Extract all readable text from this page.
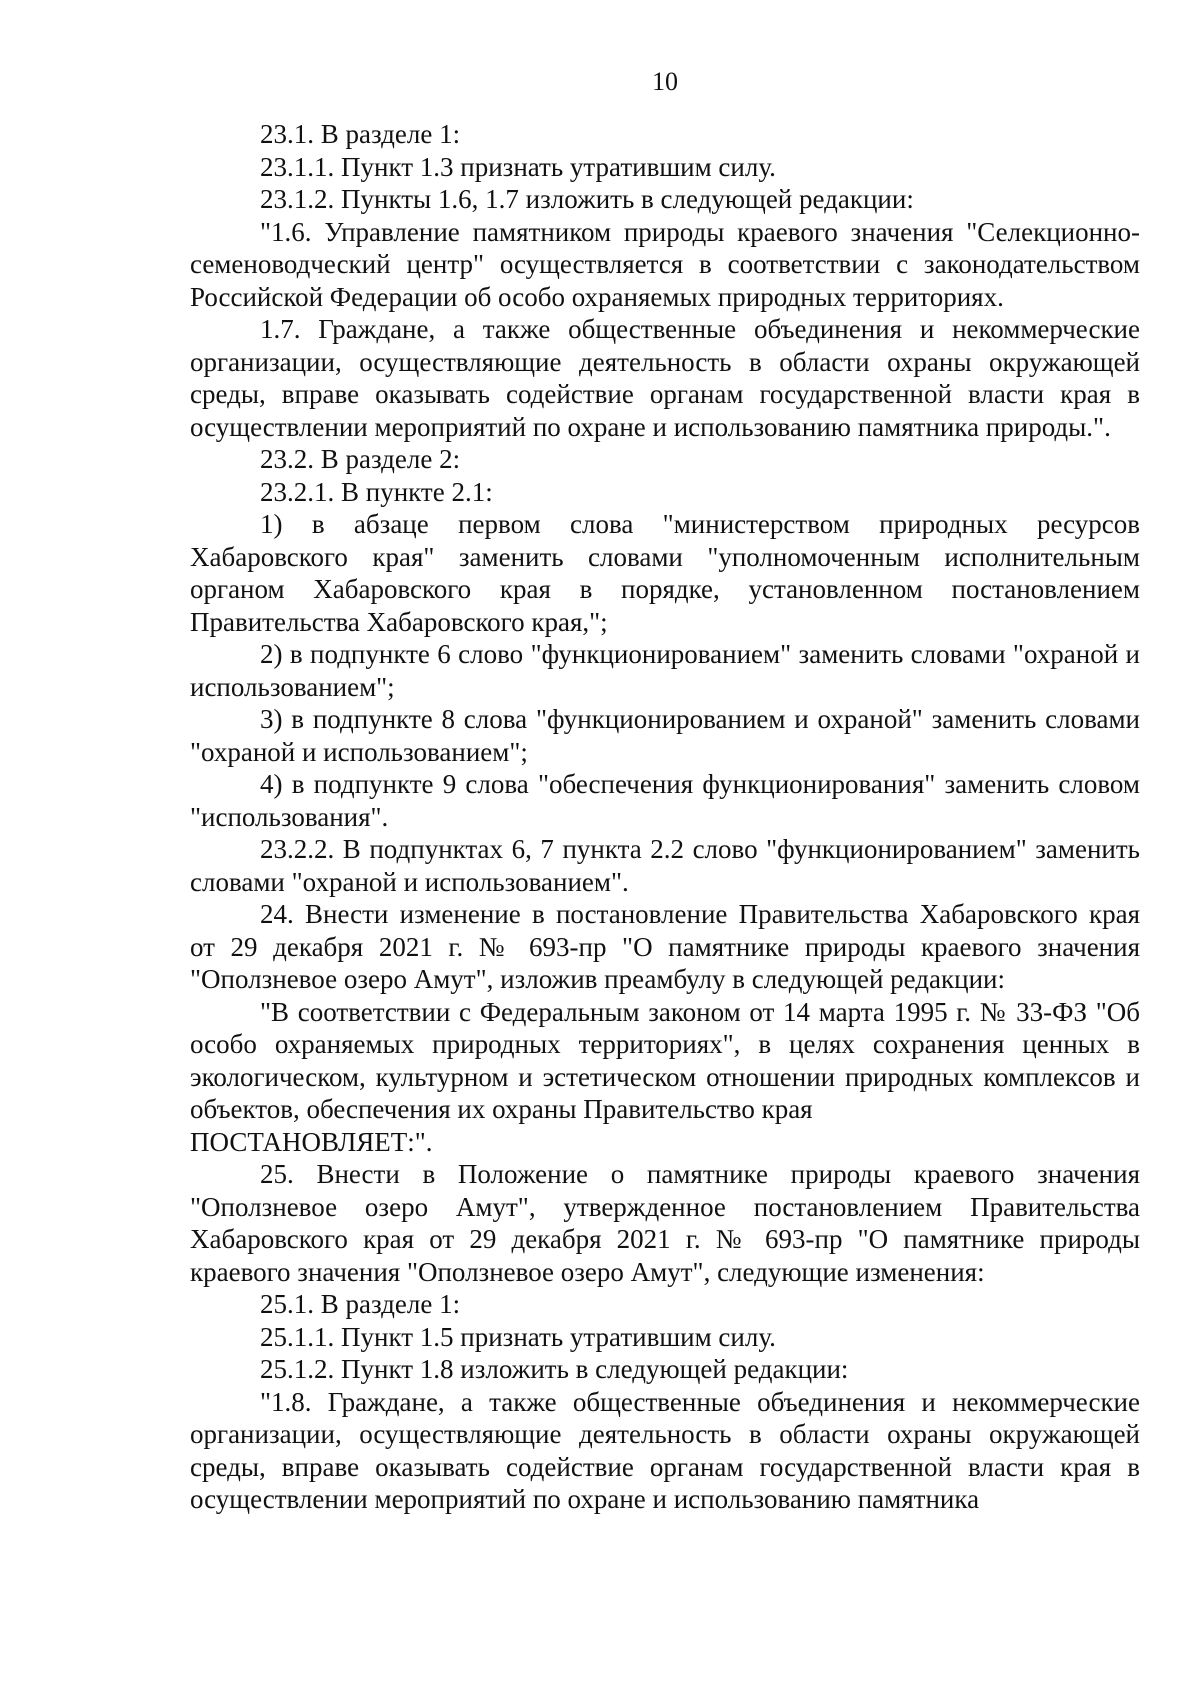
10

23.1. В разделе 1:

23.1.1. Пункт 1.3 признать утратившим силу.

23.1.2. Пункты 1.6, 1.7 изложить в следующей редакции:

"1.6. Управление памятником природы краевого значения "Селекционно-семеноводческий центр" осуществляется в соответствии с законодательством Российской Федерации об особо охраняемых природных территориях.

1.7. Граждане, а также общественные объединения и некоммерческие организации, осуществляющие деятельность в области охраны окружающей среды, вправе оказывать содействие органам государственной власти края в осуществлении мероприятий по охране и использованию памятника природы.".

23.2. В разделе 2:

23.2.1. В пункте 2.1:

1) в абзаце первом слова "министерством природных ресурсов Хабаровского края" заменить словами "уполномоченным исполнительным органом Хабаровского края в порядке, установленном постановлением Правительства Хабаровского края,";

2) в подпункте 6 слово "функционированием" заменить словами "охраной и использованием";

3) в подпункте 8 слова "функционированием и охраной" заменить словами "охраной и использованием";

4) в подпункте 9 слова "обеспечения функционирования" заменить словом "использования".

23.2.2. В подпунктах 6, 7 пункта 2.2 слово "функционированием" заменить словами "охраной и использованием".

24. Внести изменение в постановление Правительства Хабаровского края от 29 декабря 2021 г. № 693-пр "О памятнике природы краевого значения "Оползневое озеро Амут", изложив преамбулу в следующей редакции:

"В соответствии с Федеральным законом от 14 марта 1995 г. № 33-ФЗ "Об особо охраняемых природных территориях", в целях сохранения ценных в экологическом, культурном и эстетическом отношении природных комплексов и объектов, обеспечения их охраны Правительство края

ПОСТАНОВЛЯЕТ:".

25. Внести в Положение о памятнике природы краевого значения "Оползневое озеро Амут", утвержденное постановлением Правительства Хабаровского края от 29 декабря 2021 г. № 693-пр "О памятнике природы краевого значения "Оползневое озеро Амут", следующие изменения:

25.1. В разделе 1:

25.1.1. Пункт 1.5 признать утратившим силу.

25.1.2. Пункт 1.8 изложить в следующей редакции:

"1.8. Граждане, а также общественные объединения и некоммерческие организации, осуществляющие деятельность в области охраны окружающей среды, вправе оказывать содействие органам государственной власти края в осуществлении мероприятий по охране и использованию памятника
